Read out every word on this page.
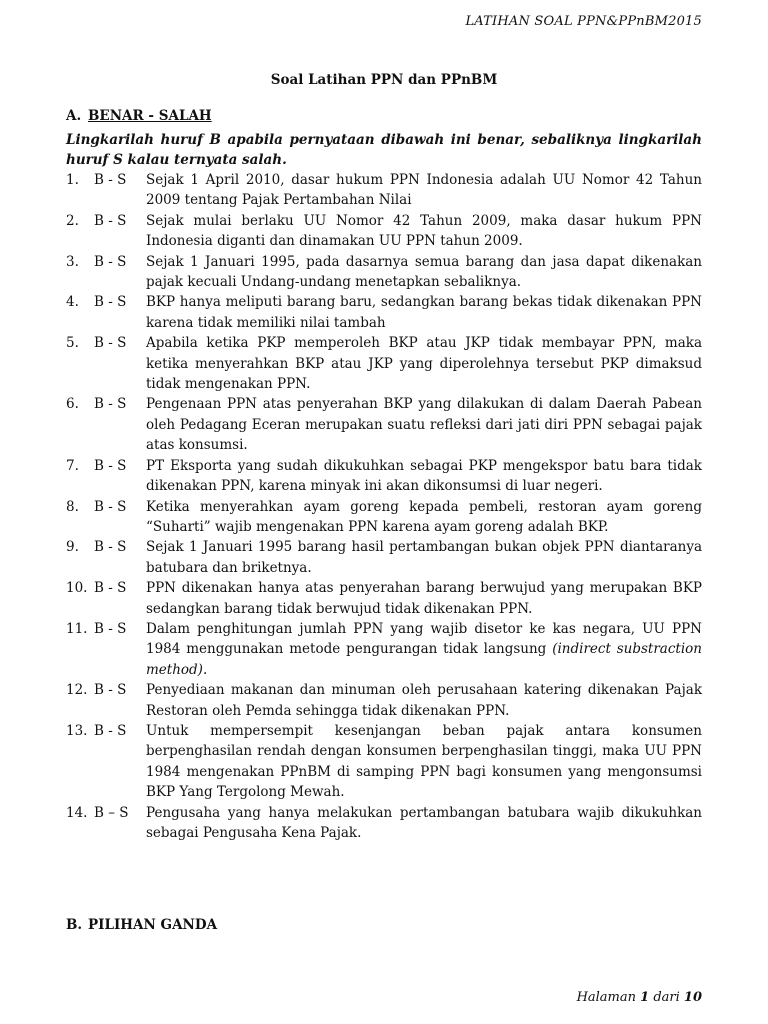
LATIHAN SOAL PPN&PPnBM2015
Soal Latihan PPN dan PPnBM
A. BENAR - SALAH
Lingkarilah huruf B apabila pernyataan dibawah ini benar, sebaliknya lingkarilah huruf S kalau ternyata salah.
1.	B - S	Sejak 1 April 2010, dasar hukum PPN Indonesia adalah UU Nomor 42 Tahun 2009 tentang Pajak Pertambahan Nilai
2.	B - S	Sejak mulai berlaku UU Nomor 42 Tahun 2009, maka dasar hukum PPN Indonesia diganti dan dinamakan UU PPN tahun 2009.
3.	B - S	Sejak 1 Januari 1995, pada dasarnya semua barang dan jasa dapat dikenakan pajak kecuali Undang-undang menetapkan sebaliknya.
4.	B - S	BKP hanya meliputi barang baru, sedangkan barang bekas tidak dikenakan PPN karena tidak memiliki nilai tambah
5.	B - S	Apabila ketika PKP memperoleh BKP atau JKP tidak membayar PPN, maka ketika menyerahkan BKP atau JKP yang diperolehnya tersebut PKP dimaksud tidak mengenakan PPN.
6.	B - S	Pengenaan PPN atas penyerahan BKP yang dilakukan di dalam Daerah Pabean oleh Pedagang Eceran merupakan suatu refleksi dari jati diri PPN sebagai pajak atas konsumsi.
7.	B - S	PT Eksporta yang sudah dikukuhkan sebagai PKP mengekspor batu bara tidak dikenakan PPN, karena minyak ini akan dikonsumsi di luar negeri.
8.	B - S	Ketika menyerahkan ayam goreng kepada pembeli, restoran ayam goreng “Suharti” wajib mengenakan PPN karena ayam goreng adalah BKP.
9.	B - S	Sejak 1 Januari 1995 barang hasil pertambangan bukan objek PPN diantaranya batubara dan briketnya.
10. B - S	PPN dikenakan hanya atas penyerahan barang berwujud yang merupakan BKP sedangkan barang tidak berwujud tidak dikenakan PPN.
11. B - S	Dalam penghitungan jumlah PPN yang wajib disetor ke kas negara, UU PPN 1984 menggunakan metode pengurangan tidak langsung (indirect substraction method).
12. B - S	Penyediaan makanan dan minuman oleh perusahaan katering dikenakan Pajak Restoran oleh Pemda sehingga tidak dikenakan PPN.
13. B - S	Untuk mempersempit kesenjangan beban pajak antara konsumen berpenghasilan rendah dengan konsumen berpenghasilan tinggi, maka UU PPN 1984 mengenakan PPnBM di samping PPN bagi konsumen yang mengonsumsi BKP Yang Tergolong Mewah.
14. B – S	Pengusaha yang hanya melakukan pertambangan batubara wajib dikukuhkan sebagai Pengusaha Kena Pajak.
B. PILIHAN GANDA
Halaman 1 dari 10
